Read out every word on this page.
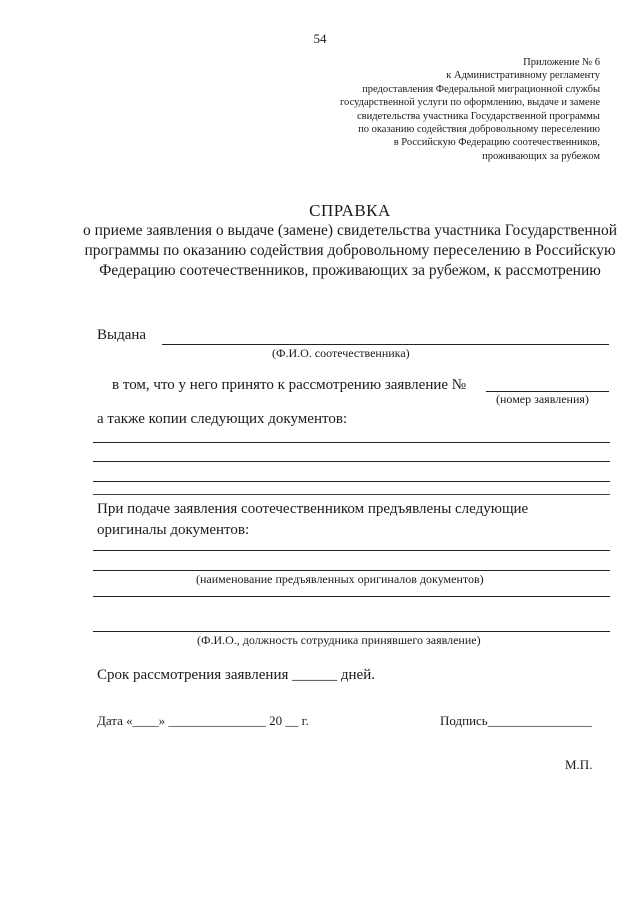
54
Приложение № 6
к Административному регламенту
предоставления Федеральной миграционной службы
государственной услуги по оформлению, выдаче и замене
свидетельства участника Государственной программы
по оказанию содействия добровольному переселению
в Российскую Федерацию соотечественников,
проживающих за рубежом
СПРАВКА
о приеме заявления о выдаче (замене) свидетельства участника Государственной программы по оказанию содействия добровольному переселению в Российскую Федерацию соотечественников, проживающих за рубежом, к рассмотрению
Выдана
(Ф.И.О. соотечественника)
в том, что у него принято к рассмотрению заявление №
(номер заявления)
а также копии следующих документов:
При подаче заявления соотечественником предъявлены следующие
оригиналы документов:
(наименование предъявленных оригиналов документов)
(Ф.И.О., должность сотрудника принявшего заявление)
Срок рассмотрения заявления ______ дней.
Дата «____» _______________ 20 __ г.	Подпись________________
М.П.
